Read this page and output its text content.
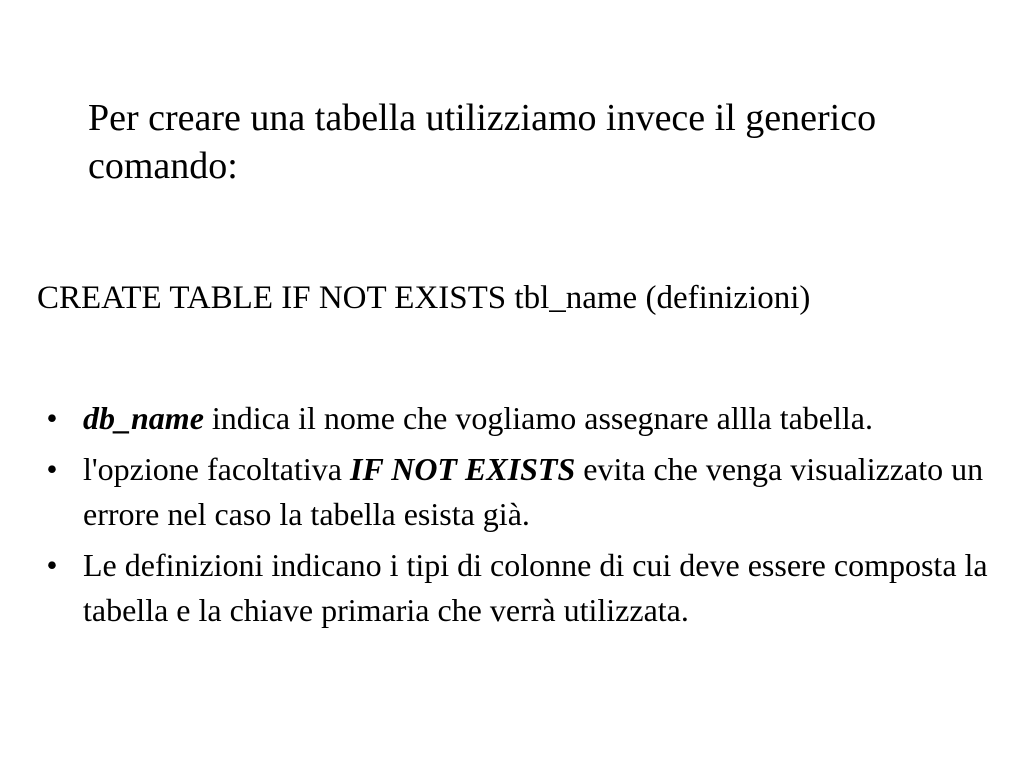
Per creare una tabella utilizziamo invece il generico comando:

CREATE TABLE IF NOT EXISTS tbl_name (definizioni)

• db_name indica il nome che vogliamo assegnare allla tabella.
• l'opzione facoltativa IF NOT EXISTS evita che venga visualizzato un errore nel caso la tabella esista già.
• Le definizioni indicano i tipi di colonne di cui deve essere composta la tabella e la chiave primaria che verrà utilizzata.
